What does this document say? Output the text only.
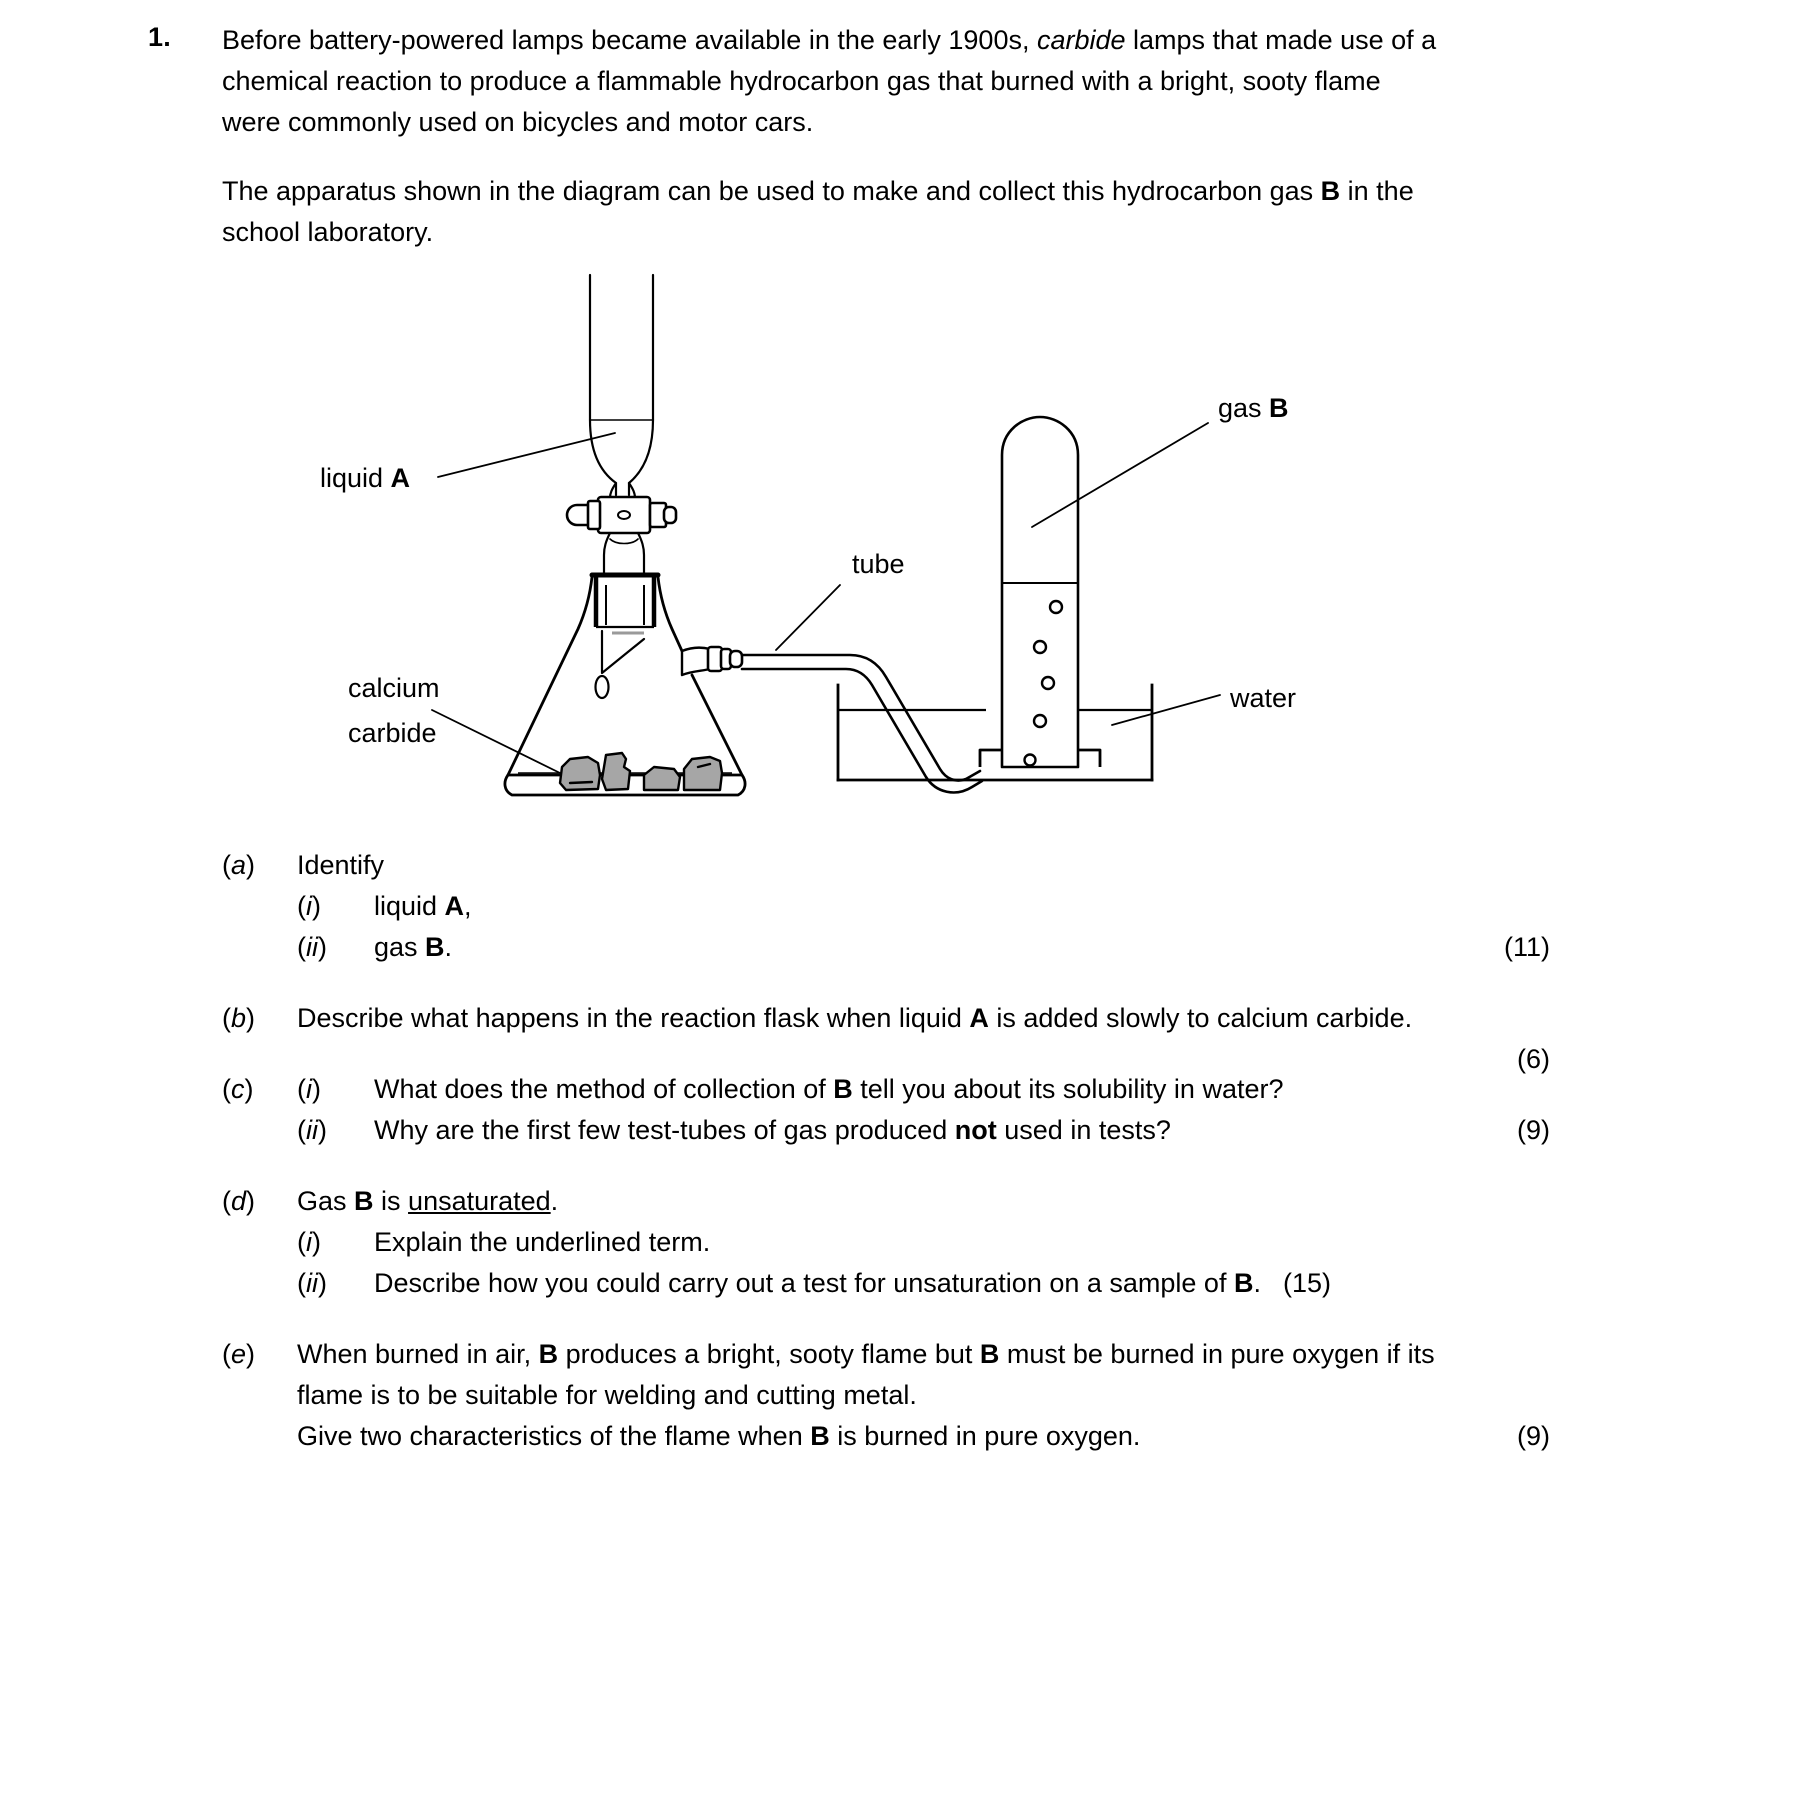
1. Before battery-powered lamps became available in the early 1900s, carbide lamps that made use of a chemical reaction to produce a flammable hydrocarbon gas that burned with a bright, sooty flame were commonly used on bicycles and motor cars.

The apparatus shown in the diagram can be used to make and collect this hydrocarbon gas B in the school laboratory.

liquid A
calcium
carbide
tube
gas B
water
(a)	Identify
(i)	liquid A,
(ii)	gas B.	(11)
(b)	Describe what happens in the reaction flask when liquid A is added slowly to calcium carbide.
(6)
(c)	(i)	What does the method of collection of B tell you about its solubility in water?
(ii)	Why are the first few test-tubes of gas produced not used in tests?	(9)
(d)	Gas B is unsaturated.
(i)	Explain the underlined term.
(ii)	Describe how you could carry out a test for unsaturation on a sample of B. (15)
(e)	When burned in air, B produces a bright, sooty flame but B must be burned in pure oxygen if its flame is to be suitable for welding and cutting metal.
Give two characteristics of the flame when B is burned in pure oxygen.	(9)
